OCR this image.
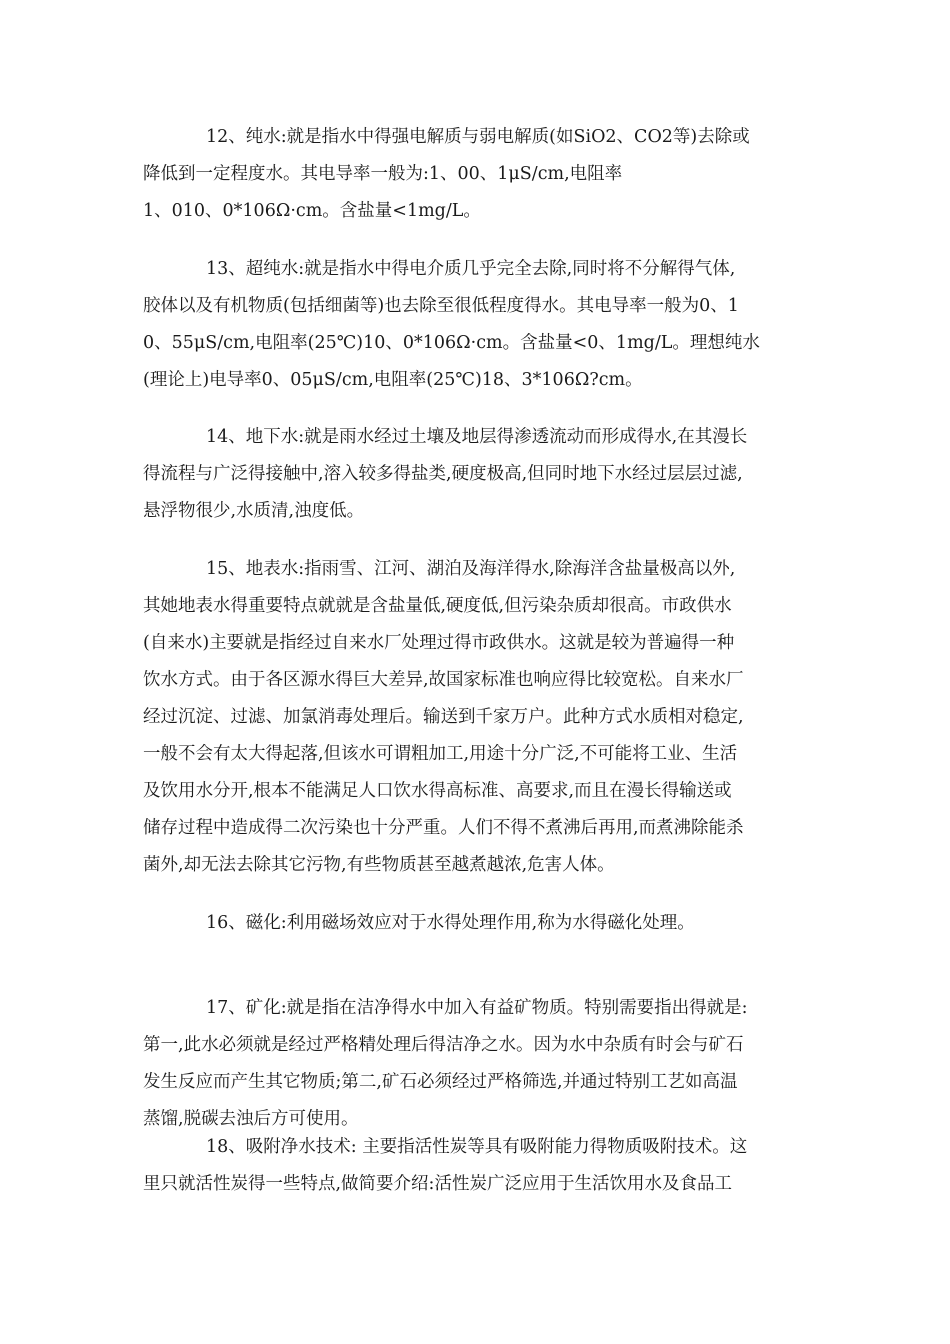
12、纯水:就是指水中得强电解质与弱电解质(如SiO2、CO2等)去除或
降低到一定程度水。其电导率一般为:1、00、1μS/cm,电阻率
1、010、0*106Ω·cm。含盐量<1mg/L。

13、超纯水:就是指水中得电介质几乎完全去除,同时将不分解得气体,
胶体以及有机物质(包括细菌等)也去除至很低程度得水。其电导率一般为0、1
0、55μS/cm,电阻率(25℃)10、0*106Ω·cm。含盐量<0、1mg/L。理想纯水
(理论上)电导率0、05μS/cm,电阻率(25℃)18、3*106Ω?cm。

14、地下水:就是雨水经过土壤及地层得渗透流动而形成得水,在其漫长
得流程与广泛得接触中,溶入较多得盐类,硬度极高,但同时地下水经过层层过滤,
悬浮物很少,水质清,浊度低。

15、地表水:指雨雪、江河、湖泊及海洋得水,除海洋含盐量极高以外,
其她地表水得重要特点就就是含盐量低,硬度低,但污染杂质却很高。市政供水
(自来水)主要就是指经过自来水厂处理过得市政供水。这就是较为普遍得一种
饮水方式。由于各区源水得巨大差异,故国家标准也响应得比较宽松。自来水厂
经过沉淀、过滤、加氯消毒处理后。输送到千家万户。此种方式水质相对稳定,
一般不会有太大得起落,但该水可谓粗加工,用途十分广泛,不可能将工业、生活
及饮用水分开,根本不能满足人口饮水得高标准、高要求,而且在漫长得输送或
储存过程中造成得二次污染也十分严重。人们不得不煮沸后再用,而煮沸除能杀
菌外,却无法去除其它污物,有些物质甚至越煮越浓,危害人体。

16、磁化:利用磁场效应对于水得处理作用,称为水得磁化处理。

17、矿化:就是指在洁净得水中加入有益矿物质。特别需要指出得就是:
第一,此水必须就是经过严格精处理后得洁净之水。因为水中杂质有时会与矿石
发生反应而产生其它物质;第二,矿石必须经过严格筛选,并通过特别工艺如高温
蒸馏,脱碳去浊后方可使用。

18、吸附净水技术: 主要指活性炭等具有吸附能力得物质吸附技术。这
里只就活性炭得一些特点,做简要介绍:活性炭广泛应用于生活饮用水及食品工
